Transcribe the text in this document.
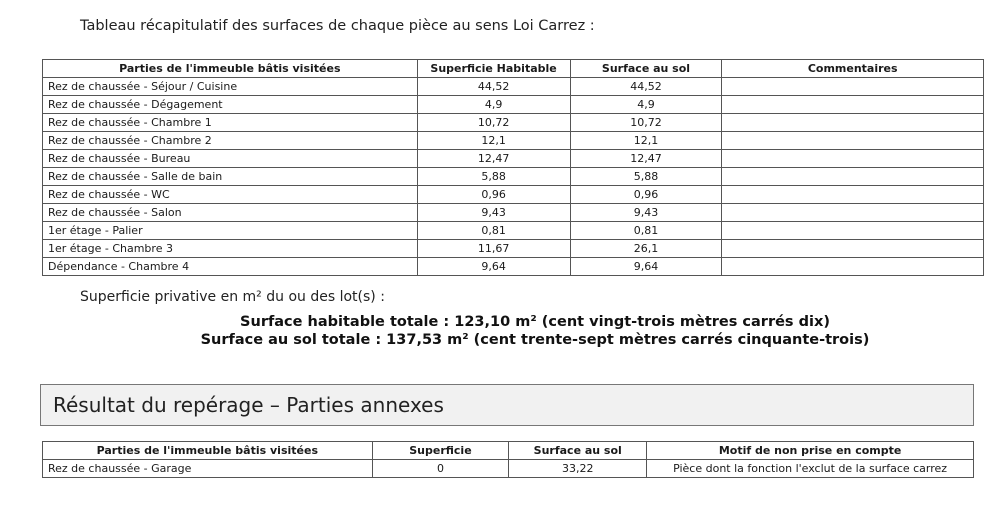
Tableau récapitulatif des surfaces de chaque pièce au sens Loi Carrez :
Parties de l'immeuble bâtis visitées	Superficie Habitable	Surface au sol	Commentaires
Rez de chaussée - Séjour / Cuisine	44,52	44,52	
Rez de chaussée - Dégagement	4,9	4,9	
Rez de chaussée - Chambre 1	10,72	10,72	
Rez de chaussée - Chambre 2	12,1	12,1	
Rez de chaussée - Bureau	12,47	12,47	
Rez de chaussée - Salle de bain	5,88	5,88	
Rez de chaussée - WC	0,96	0,96	
Rez de chaussée - Salon	9,43	9,43	
1er étage - Palier	0,81	0,81	
1er étage - Chambre 3	11,67	26,1	
Dépendance - Chambre 4	9,64	9,64	
Superficie privative en m² du ou des lot(s) :
Surface habitable totale : 123,10 m² (cent vingt-trois mètres carrés dix)
Surface au sol totale : 137,53 m² (cent trente-sept mètres carrés cinquante-trois)
Résultat du repérage – Parties annexes
Parties de l'immeuble bâtis visitées	Superficie	Surface au sol	Motif de non prise en compte
Rez de chaussée - Garage	0	33,22	Pièce dont la fonction l'exclut de la surface carrez
